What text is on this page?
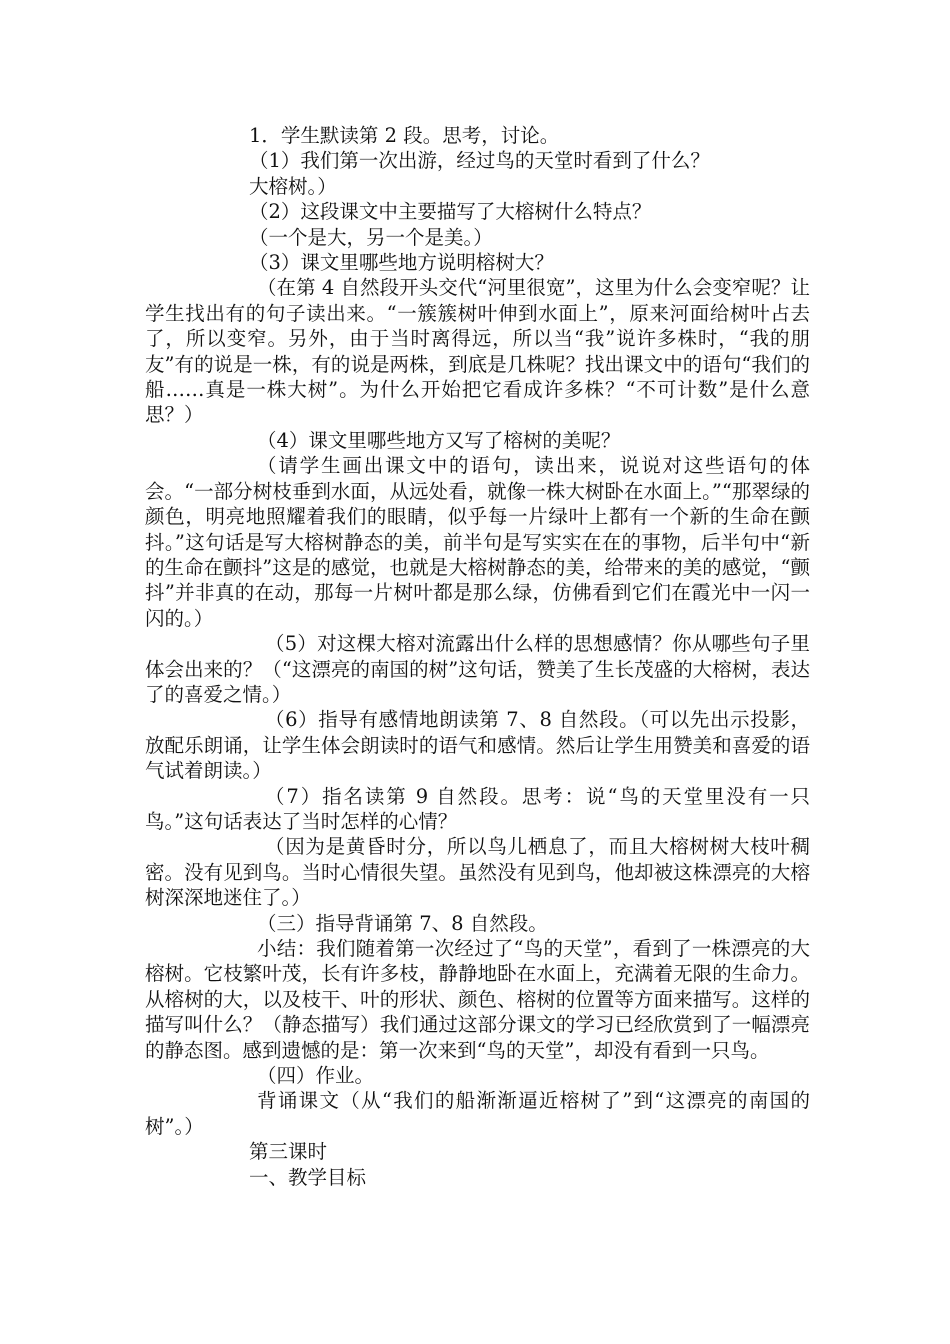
1．学生默读第 2 段。思考，讨论。

（1）我们第一次出游，经过鸟的天堂时看到了什么？

大榕树。）

（2）这段课文中主要描写了大榕树什么特点？

（一个是大，另一个是美。）

（3）课文里哪些地方说明榕树大？

（在第 4 自然段开头交代“河里很宽”，这里为什么会变窄呢？让学生找出有的句子读出来。“一簇簇树叶伸到水面上”，原来河面给树叶占去了，所以变窄。另外，由于当时离得远，所以当“我”说许多株时，“我的朋友”有的说是一株，有的说是两株，到底是几株呢？找出课文中的语句“我们的船……真是一株大树”。为什么开始把它看成许多株？“不可计数”是什么意思？）

（4）课文里哪些地方又写了榕树的美呢？

（请学生画出课文中的语句，读出来，说说对这些语句的体会。“一部分树枝垂到水面，从远处看，就像一株大树卧在水面上。”“那翠绿的颜色，明亮地照耀着我们的眼睛，似乎每一片绿叶上都有一个新的生命在颤抖。”这句话是写大榕树静态的美，前半句是写实实在在的事物，后半句中“新的生命在颤抖”这是的感觉，也就是大榕树静态的美，给带来的美的感觉，“颤抖”并非真的在动，那每一片树叶都是那么绿，仿佛看到它们在霞光中一闪一闪的。）

（5）对这棵大榕对流露出什么样的思想感情？你从哪些句子里体会出来的？（“这漂亮的南国的树”这句话，赞美了生长茂盛的大榕树，表达了的喜爱之情。）

（6）指导有感情地朗读第 7、8 自然段。（可以先出示投影，放配乐朗诵，让学生体会朗读时的语气和感情。然后让学生用赞美和喜爱的语气试着朗读。）

（7）指名读第 9 自然段。思考：说“鸟的天堂里没有一只鸟。”这句话表达了当时怎样的心情？

（因为是黄昏时分，所以鸟儿栖息了，而且大榕树树大枝叶稠密。没有见到鸟。当时心情很失望。虽然没有见到鸟，他却被这株漂亮的大榕树深深地迷住了。）

（三）指导背诵第 7、8 自然段。

小结：我们随着第一次经过了“鸟的天堂”，看到了一株漂亮的大榕树。它枝繁叶茂，长有许多枝，静静地卧在水面上，充满着无限的生命力。从榕树的大，以及枝干、叶的形状、颜色、榕树的位置等方面来描写。这样的描写叫什么？（静态描写）我们通过这部分课文的学习已经欣赏到了一幅漂亮的静态图。感到遗憾的是：第一次来到“鸟的天堂”，却没有看到一只鸟。

（四）作业。

背诵课文（从“我们的船渐渐逼近榕树了”到“这漂亮的南国的树”。）

第三课时

一、教学目标
